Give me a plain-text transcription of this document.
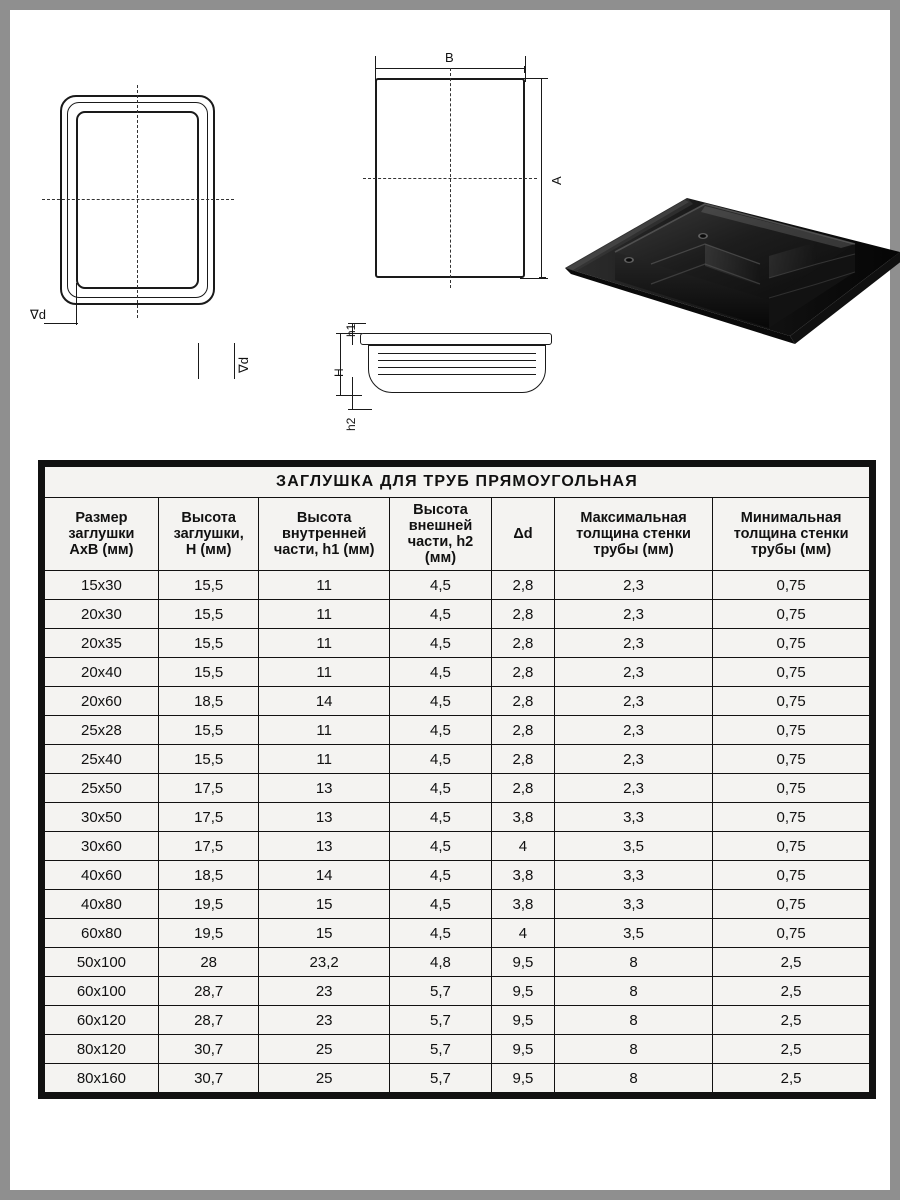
∇d
∇d
B
A
h1
H
h2
ЗАГЛУШКА ДЛЯ ТРУБ ПРЯМОУГОЛЬНАЯ						
Размер
заглушки
AxB (мм)	Высота
заглушки,
H (мм)	Высота
внутренней
части, h1 (мм)	Высота
внешней
части, h2
(мм)	Δd	Максимальная
толщина стенки
трубы (мм)	Минимальная
толщина стенки
трубы (мм)
15x30	15,5	11	4,5	2,8	2,3	0,75
20x30	15,5	11	4,5	2,8	2,3	0,75
20x35	15,5	11	4,5	2,8	2,3	0,75
20x40	15,5	11	4,5	2,8	2,3	0,75
20x60	18,5	14	4,5	2,8	2,3	0,75
25x28	15,5	11	4,5	2,8	2,3	0,75
25x40	15,5	11	4,5	2,8	2,3	0,75
25x50	17,5	13	4,5	2,8	2,3	0,75
30x50	17,5	13	4,5	3,8	3,3	0,75
30x60	17,5	13	4,5	4	3,5	0,75
40x60	18,5	14	4,5	3,8	3,3	0,75
40x80	19,5	15	4,5	3,8	3,3	0,75
60x80	19,5	15	4,5	4	3,5	0,75
50x100	28	23,2	4,8	9,5	8	2,5
60x100	28,7	23	5,7	9,5	8	2,5
60x120	28,7	23	5,7	9,5	8	2,5
80x120	30,7	25	5,7	9,5	8	2,5
80x160	30,7	25	5,7	9,5	8	2,5
